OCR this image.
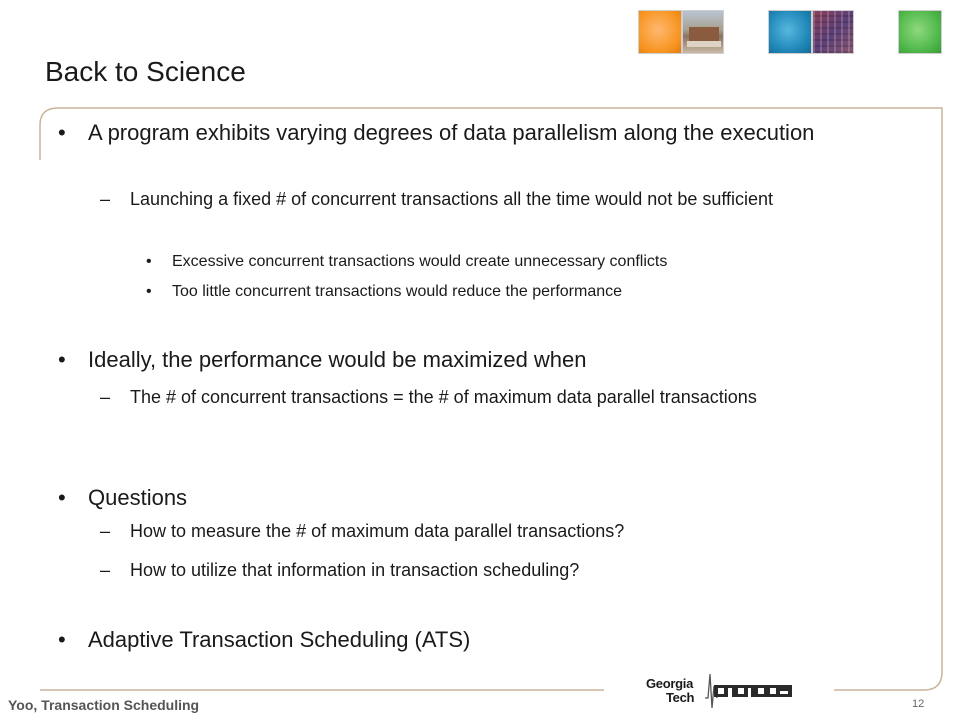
Back to Science
• A program exhibits varying degrees of data parallelism along the execution
– Launching a fixed # of concurrent transactions all the time would not be sufficient
• Excessive concurrent transactions would create unnecessary conflicts
• Too little concurrent transactions would reduce the performance
• Ideally, the performance would be maximized when
– The # of concurrent transactions = the # of maximum data parallel transactions
• Questions
– How to measure the # of maximum data parallel transactions?
– How to utilize that information in transaction scheduling?
• Adaptive Transaction Scheduling (ATS)
Georgia
Tech
Yoo, Transaction Scheduling	12
